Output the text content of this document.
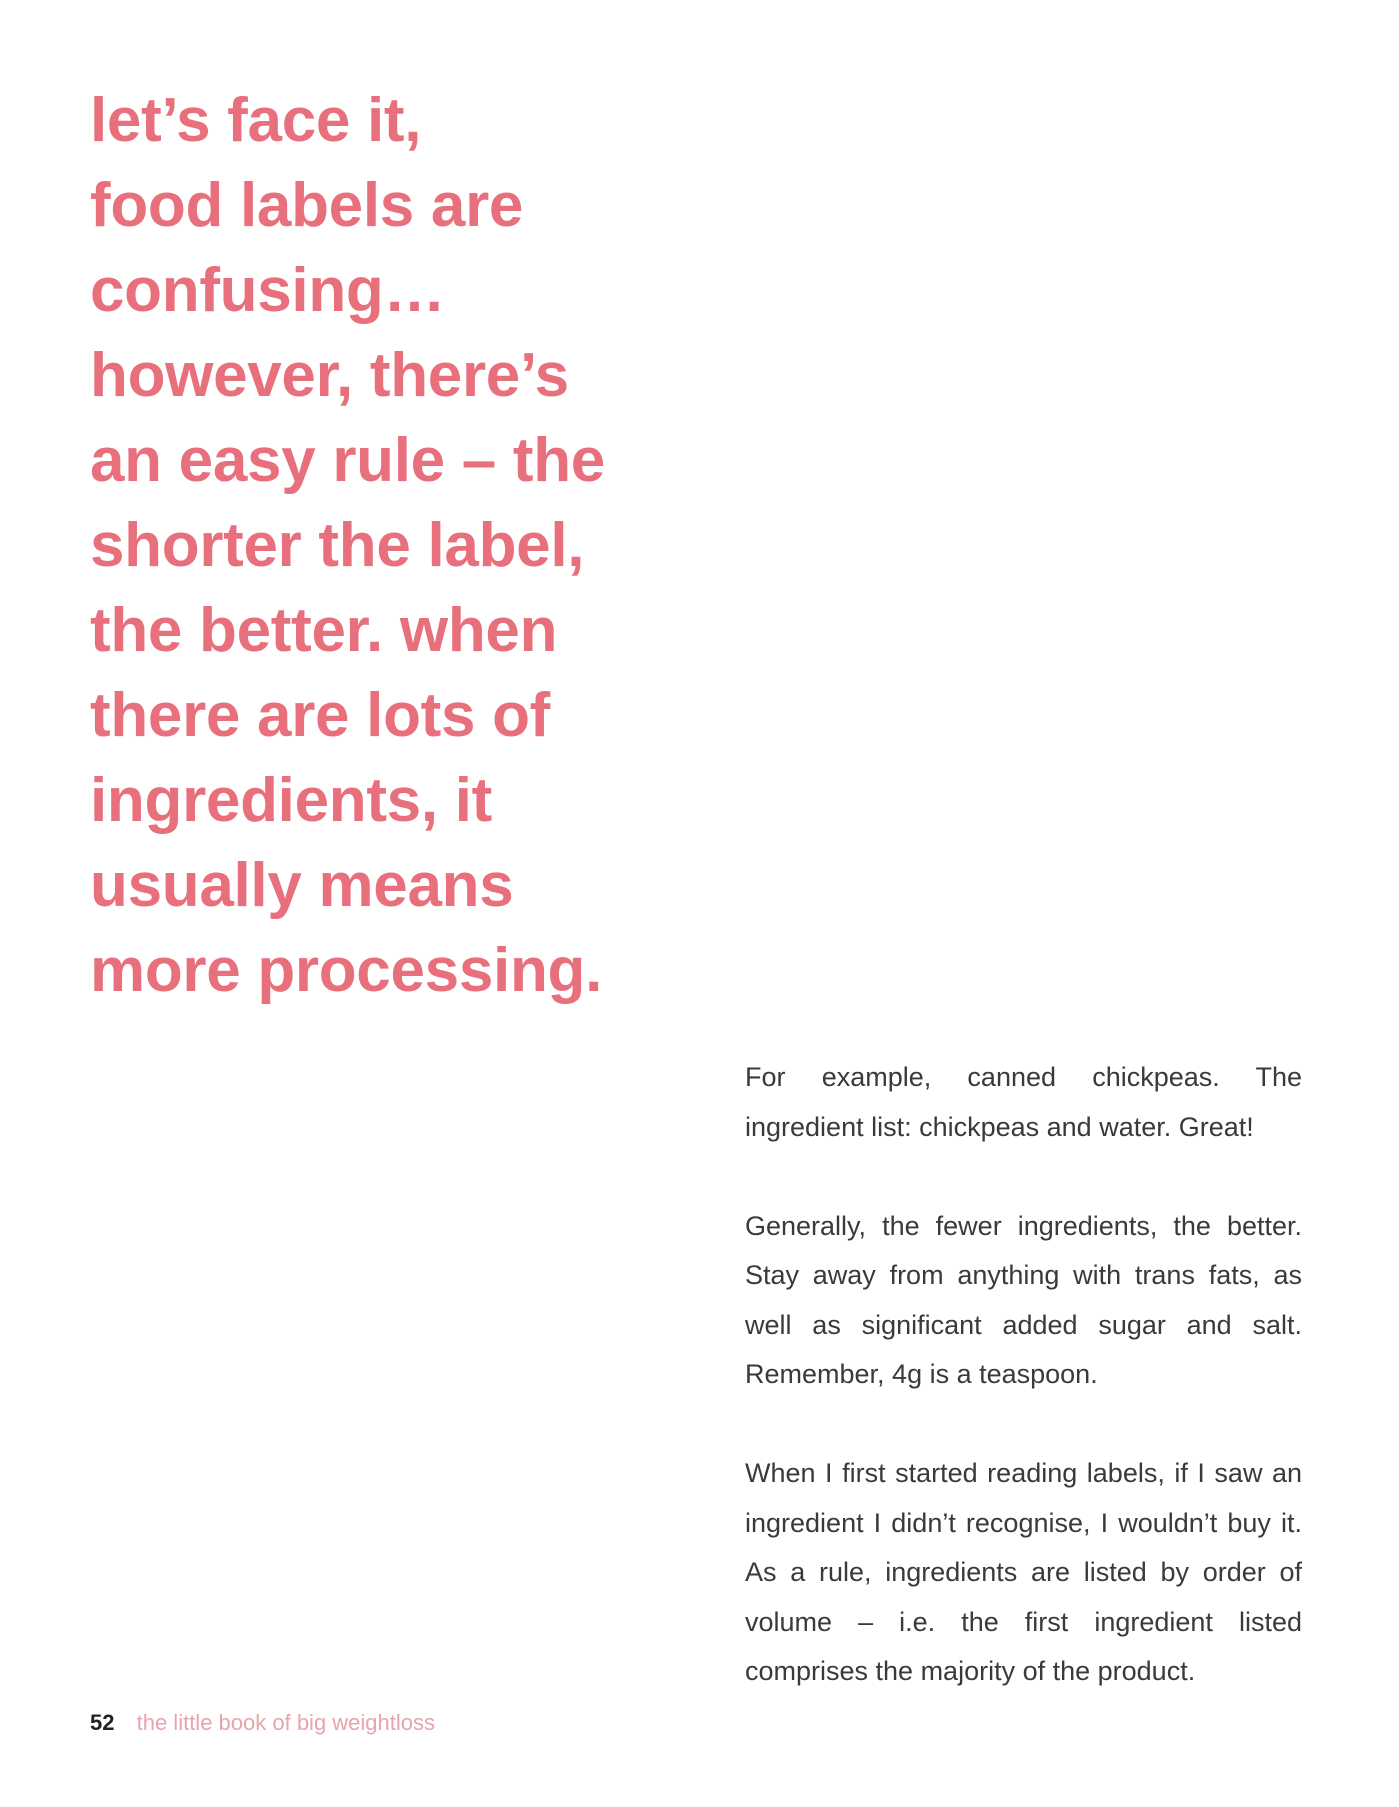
let’s face it,
food labels are
confusing…
however, there’s
an easy rule – the
shorter the label,
the better. when
there are lots of
ingredients, it
usually means
more processing.

For example, canned chickpeas. The ingredient list: chickpeas and water. Great!

Generally, the fewer ingredients, the better. Stay away from anything with trans fats, as well as significant added sugar and salt. Remember, 4g is a teaspoon.

When I first started reading labels, if I saw an ingredient I didn’t recognise, I wouldn’t buy it. As a rule, ingredients are listed by order of volume – i.e. the first ingredient listed comprises the majority of the product.

52 the little book of big weightloss
